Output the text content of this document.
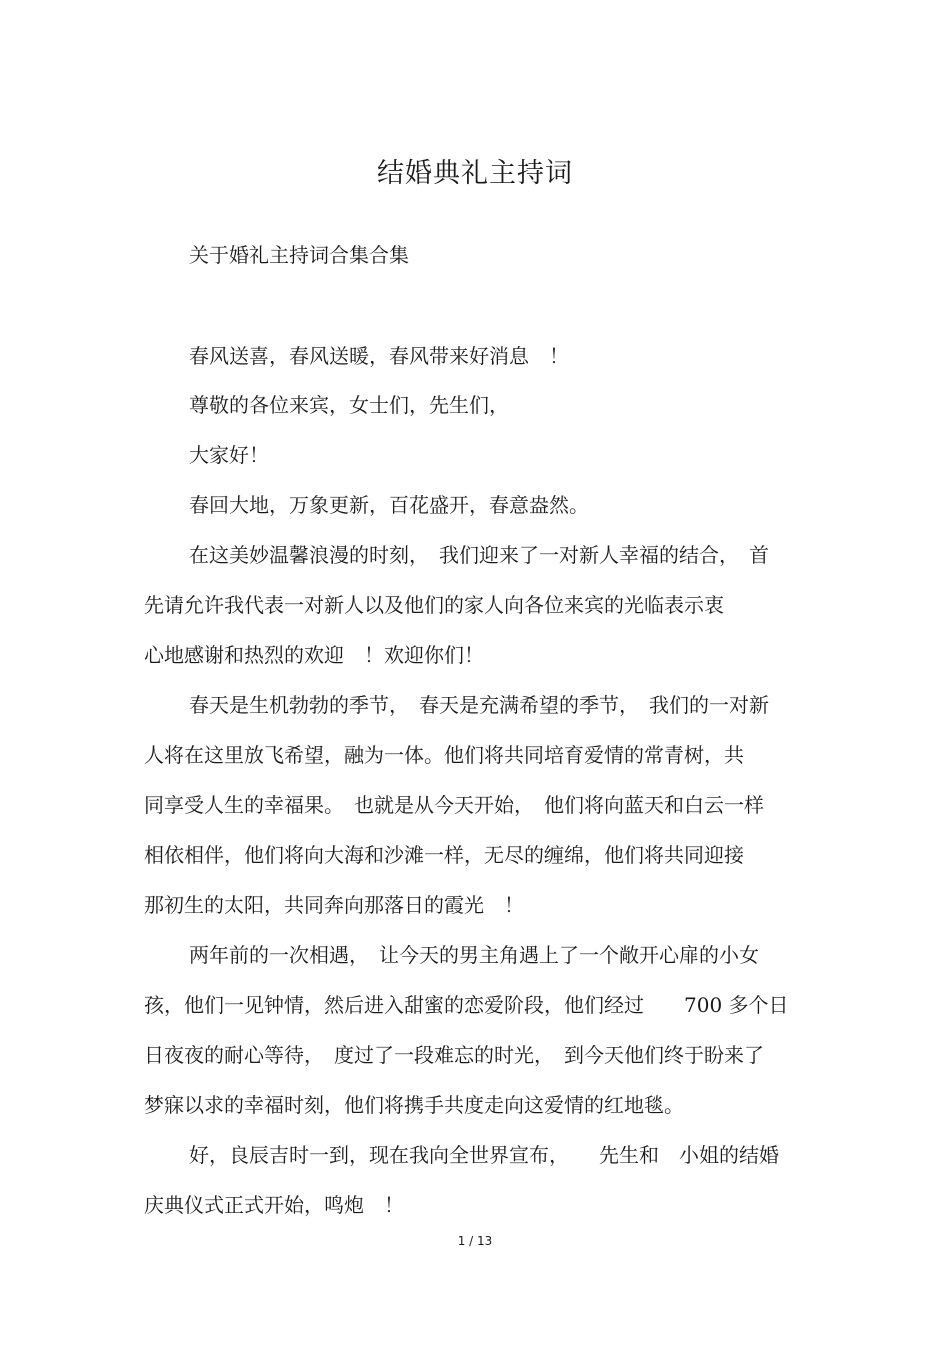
结婚典礼主持词
关于婚礼主持词合集合集
春风送喜，春风送暖，春风带来好消息　！
尊敬的各位来宾，女士们，先生们，
大家好！
春回大地，万象更新，百花盛开，春意盎然。
在这美妙温馨浪漫的时刻，　我们迎来了一对新人幸福的结合，　首
先请允许我代表一对新人以及他们的家人向各位来宾的光临表示衷
心地感谢和热烈的欢迎　！欢迎你们！
春天是生机勃勃的季节，　春天是充满希望的季节，　我们的一对新
人将在这里放飞希望，融为一体。他们将共同培育爱情的常青树，共
同享受人生的幸福果。　也就是从今天开始，　他们将向蓝天和白云一样
相依相伴，他们将向大海和沙滩一样，无尽的缠绵，他们将共同迎接
那初生的太阳，共同奔向那落日的霞光　！
两年前的一次相遇，　让今天的男主角遇上了一个敞开心扉的小女
孩，他们一见钟情，然后进入甜蜜的恋爱阶段，他们经过　　700 多个日
日夜夜的耐心等待，　度过了一段难忘的时光，　到今天他们终于盼来了
梦寐以求的幸福时刻，他们将携手共度走向这爱情的红地毯。
好，良辰吉时一到，现在我向全世界宣布，　　先生和　小姐的结婚
庆典仪式正式开始，鸣炮　！
1 / 13
